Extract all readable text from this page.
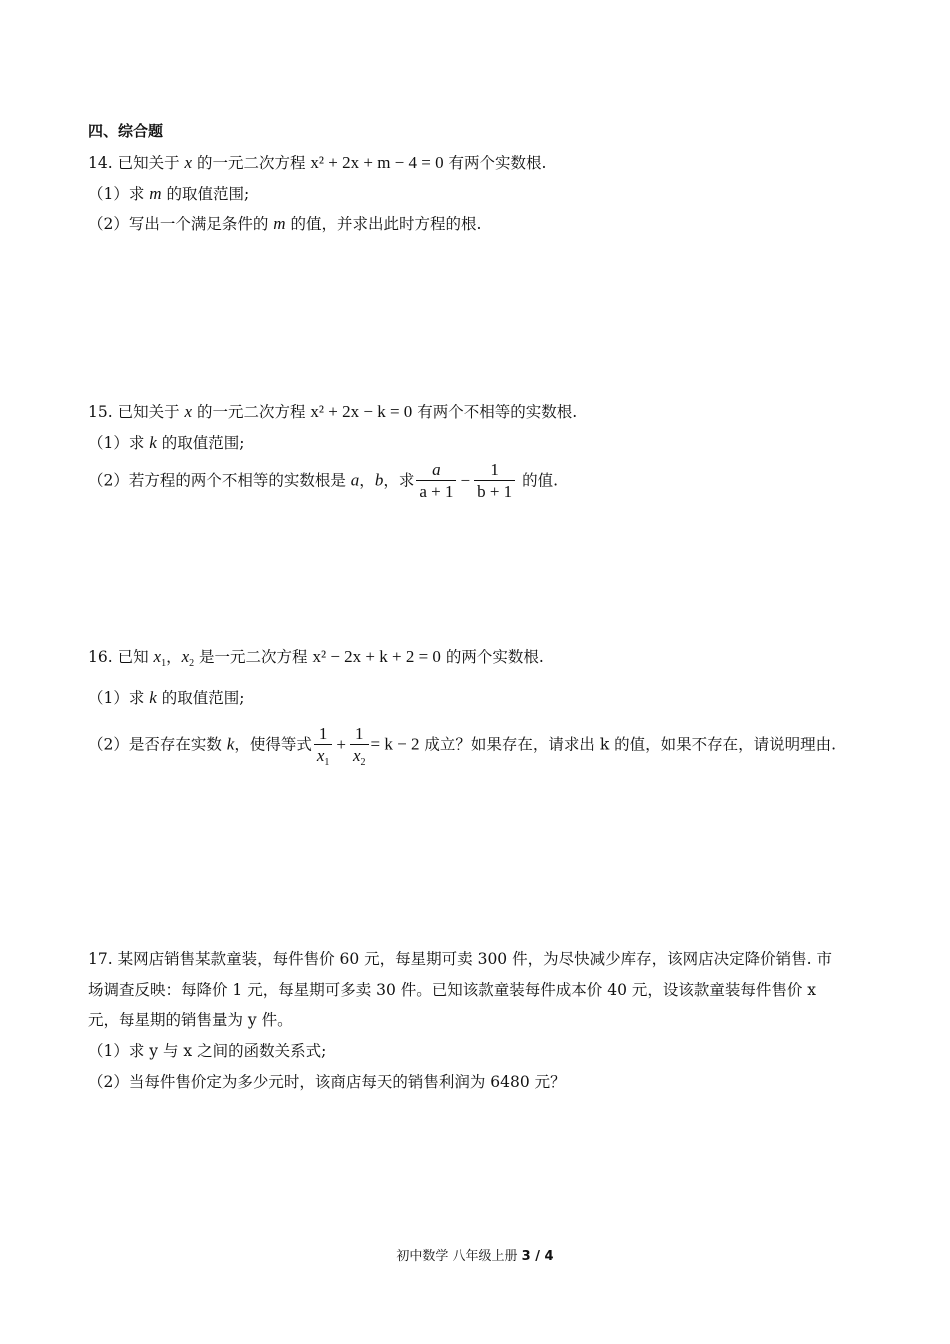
四、综合题
14. 已知关于 x 的一元二次方程 x² + 2x + m − 4 = 0 有两个实数根.
（1）求 m 的取值范围;
（2）写出一个满足条件的 m 的值，并求出此时方程的根.
15. 已知关于 x 的一元二次方程 x² + 2x − k = 0 有两个不相等的实数根.
（1）求 k 的取值范围;
（2）若方程的两个不相等的实数根是 a，b，求 $\frac{a}{a + 1} - \frac{1}{b + 1}$ 的值.
16. 已知 $x_1$，$x_2$ 是一元二次方程 x² − 2x + k + 2 = 0 的两个实数根.
（1）求 k 的取值范围;
（2）是否存在实数 k，使得等式 $\frac{1}{x_1} + \frac{1}{x_2} = k - 2$ 成立？如果存在，请求出 k 的值，如果不存在，请说明理由.
17. 某网店销售某款童装，每件售价 60 元，每星期可卖 300 件，为尽快减少库存，该网店决定降价销售. 市
场调查反映：每降价 1 元，每星期可多卖 30 件。已知该款童装每件成本价 40 元，设该款童装每件售价 x
元，每星期的销售量为 y 件。
（1）求 y 与 x 之间的函数关系式;
（2）当每件售价定为多少元时，该商店每天的销售利润为 6480 元？
初中数学 八年级上册 3 / 4
